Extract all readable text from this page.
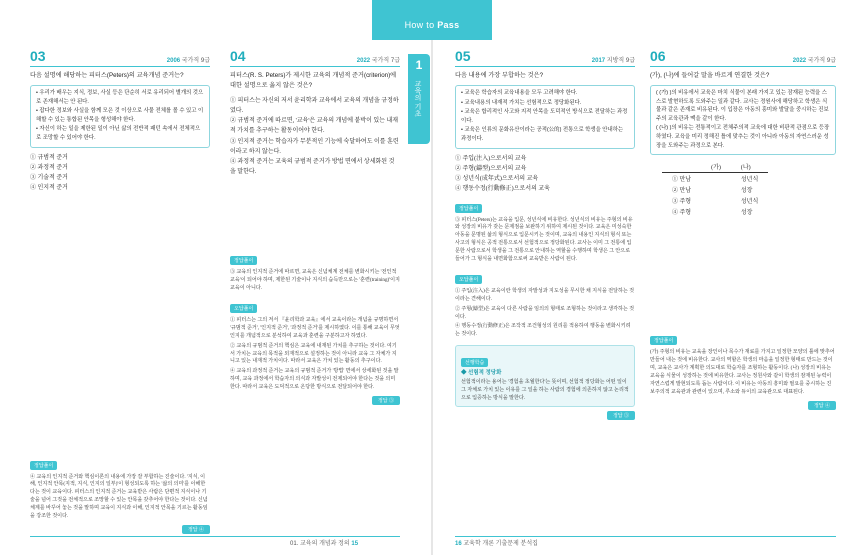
How to Pass
1
교육의 기초
03	2006 국가직 9급
다음 설명에 해당하는 피터스(Peters)의 교육개념 준거는?

• 우리가 배우는 지식, 정보, 사실 등은 단순히 서로 유리되어 별개의 것으로 존재해서는 안 된다.

• 잡다한 정보와 사실을 함께 모은 것 이상으로 사물 전체를 볼 수 있고 이해할 수 있는 통합된 안목을 형성해야 한다.

• 자신이 하는 일을 제한된 일이 아닌 삶의 전반적 패턴 속에서 전체적으로 조망할 수 있어야 한다.

① 규범적 준거
② 과정적 준거
③ 기술적 준거
④ 인지적 준거
정답풀이

④ 교육의 인지적 준거와 핵심이론의 내용에 가장 잘 부합하는 진술이다. '지식, 이해, 인지적 안목(지적, 지식, 인지의 일부)'이 형성되도록 하는 '삶의 의미'를 이해한다는 것이 교육이다. 피터스의 인지적 준거는 교육받은 사람은 단편적 지식이나 기술을 넘어 그것을 전체적으로 조망할 수 있는 안목을 갖추어야 한다는 것이다. 신념 체계를 바꾸어 놓는 것을 말하며 교육이 지식과 이해, 인지적 안목을 기르는 활동임을 강조한 것이다.

정답 ④
04	2022 국가직 7급
피터스(R. S. Peters)가 제시한 교육의 개념적 준거(criterion)에 대한 설명으로 옳지 않은 것은?
① 피터스는 자신의 저서 윤리학과 교육에서 교육의 개념을 규정하였다.
② 규범적 준거에 따르면, '교육'은 교육의 개념에 붙박이 있는 내재적 가치를 추구하는 활동이어야 한다.
③ 인지적 준거는 학습자가 무분적인 기능에 숙달하여도 이를 훈련이라고 하지 않는다.
④ 과정적 준거는 교육의 규범적 준거가 방법 면에서 상세화된 것을 말한다.
정답풀이

③ 교육의 인지적 준거에 따르면, 교육은 신념체계 전체를 변화시키는 '전인적 교육'이 되어야 하며, 제한된 기술이나 지식의 습득만으로는 '훈련(training)'이지 교육이 아니다.

오답풀이

① 피터스는 그의 저서 『윤리학과 교육』에서 교육이라는 개념을 규명하면서 '규범적 준거', '인지적 준거', '과정적 준거'를 제시하였다. 이를 통해 교육이 무엇인지를 개념적으로 분석하여 교육과 훈련을 구분하고자 하였다.

② 교육의 규범적 준거의 핵심은 교육에 내재된 가치를 추구하는 것이다. 여기서 가치는 교육의 목적을 외재적으로 설정하는 것이 아니라 교육 그 자체가 지니고 있는 내재적 가치이다. 따라서 교육은 가치 있는 활동의 추구이다.

④ 교육의 과정적 준거는 교육의 규범적 준거가 '방법' 면에서 상세화된 것을 말하며, 교육 과정에서 학습자의 의식과 자발성이 전제되어야 한다는 것을 의미한다. 따라서 교육은 도덕적으로 온당한 방식으로 전달되어야 한다.

정답 ③
01. 교육의 개념과 정의 15
05	2017 지방직 9급
다음 내용에 가장 부합하는 것은?

• 교육은 학습자의 교육내용을 모두 고려해야 한다.

• 교육내용의 내재적 가치는 선험적으로 정당화된다.

• 교육은 합리적인 사고와 지적 안목을 도덕적인 방식으로 전달하는 과정이다.

• 교육은 인류의 문화유산이라는 공적(公的) 전통으로 학생을 안내하는 과정이다.

① 주입(注入)으로서의 교육
② 주형(鑄型)으로서의 교육
③ 성년식(成年式)으로서의 교육
④ 행동수정(行動修正)으로서의 교육
정답풀이

③ 피터스(Peters)는 교육을 입문, 성년식에 비유한다. 성년식의 비유는 주형의 비유와 성장의 비유가 갖는 문제점을 보완하기 위하여 제시된 것이다. 교육은 미성숙한 아동을 문명된 삶의 형식으로 입문시키는 것이며, 교육의 내용인 지식의 형식 또는 사고의 형식은 공적 전통으로서 선험적으로 정당화된다. 교사는 이미 그 전통에 입문한 사람으로서 학생을 그 전통으로 안내하는 역할을 수행하며 학생은 그 안으로 들어가 그 형식을 내면화함으로써 교육받은 사람이 된다.

오답풀이

① 주입(注入)은 교육이란 학생의 자발성과 지도성을 무시한 채 지식을 전달하는 것이라는 견해이다.

② 주형(鑄型)은 교육이 다른 사람을 임의의 형태로 조형하는 것이라고 생각하는 것이다.

④ 행동수정(行動修正)은 조작적 조건형성의 원리를 적용하여 행동을 변화시키려는 것이다.

선행학습
◆ 선험적 정당화
선험적이라는 용어는 '경험을 초월한다'는 뜻이며, 선험적 정당화는 어떤 일이 그 자체로 가치 있는 이유를 그 일을 하는 사람의 경험에 의존하지 않고 논리적으로 입증하는 방식을 말한다.
정답 ③
06	2022 국가직 9급
(가), (나)에 들어갈 말을 바르게 연결한 것은?

( (가) )의 비유에서 교육은 마치 식물이 본래 가지고 있는 잠재된 능력을 스스로 발현하도록 도와주는 일과 같다. 교사는 정원사에 해당하고 학생은 식물과 같은 존재로 비유된다. 이 입장은 아동의 흥미와 발달을 중시하는 진보주의 교육관과 맥을 같이 한다.

( (나) )의 비유는 전통적이고 전체주의적 교육에 대한 비판적 관점으로 등장하였다. 교육을 미리 정해진 틀에 맞추는 것이 아니라 아동의 자연스러운 성장을 도와주는 과정으로 본다.

	(가)	(나)
① 만남		성년식
② 만남		성장
③ 주형		성년식
④ 주형		성장
정답풀이

(가) 주형의 비유는 교육을 장인이나 목수가 재료를 가지고 일정한 모양의 틀에 맞추어 만들어 내는 것에 비유한다. 교사의 역할은 학생의 마음을 일정한 형태로 만드는 것이며, 교육은 교사가 계획한 의도대로 학습자를 조형하는 활동이다. (나) 성장의 비유는 교육을 식물이 성장하는 것에 비유한다. 교사는 정원사와 같이 학생의 잠재된 능력이 자연스럽게 발현되도록 돕는 사람이다. 이 비유는 아동의 흥미와 필요를 중시하는 진보주의적 교육관과 관련이 있으며, 루소와 듀이의 교육관으로 대표된다.

정답 ④
16 교육학 개론 기출문제 분석집
